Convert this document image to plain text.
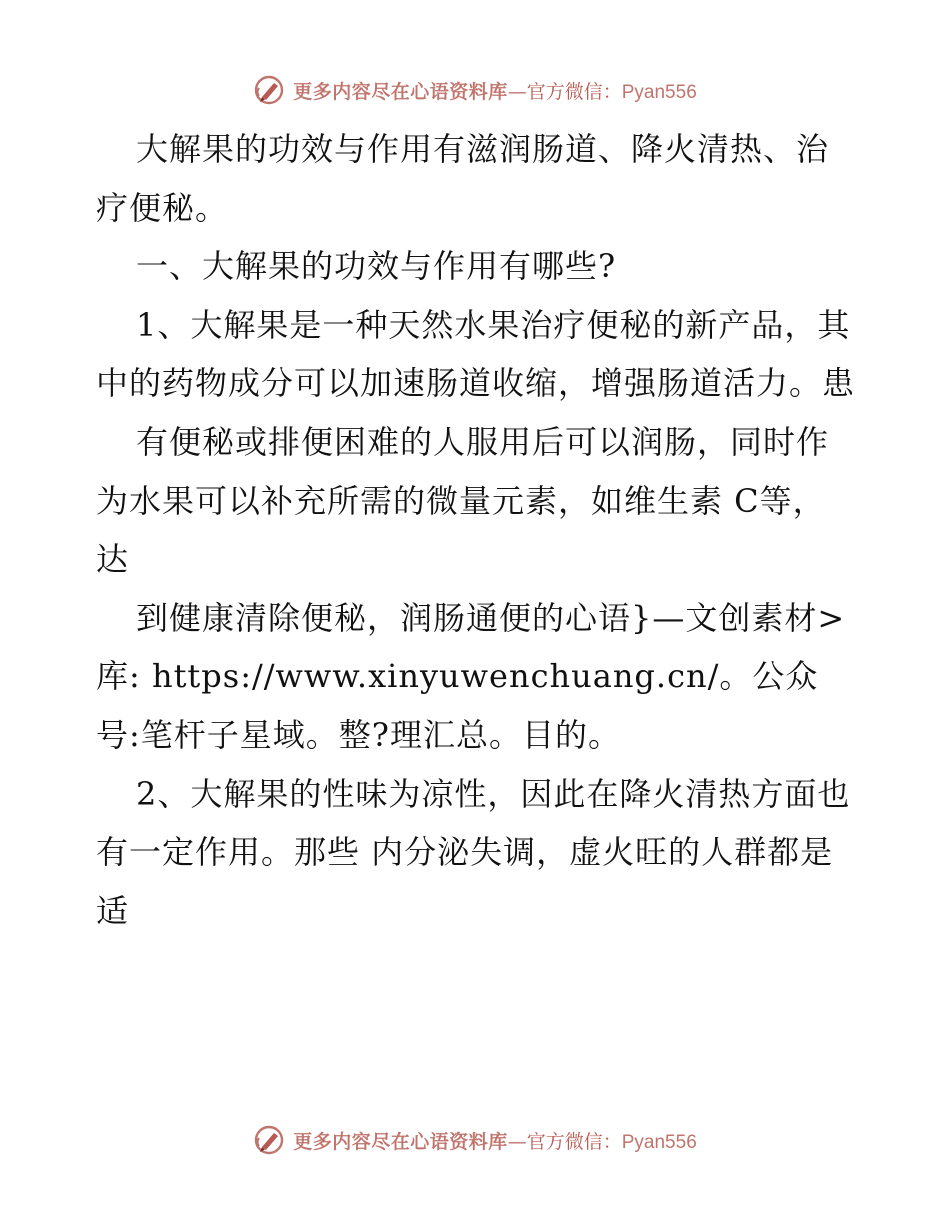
更多内容尽在心语资料库 — 官方微信： Pyan556

大解果的功效与作用有滋润肠道、降火清热、治疗便秘。

一、大解果的功效与作用有哪些?

1、大解果是一种天然水果治疗便秘的新产品，其中的药物成分可以加速肠道收缩，增强肠道活力。患

有便秘或排便困难的人服用后可以润肠，同时作为水果可以补充所需的微量元素，如维生素 C等，达

到健康清除便秘，润肠通便的心语}—文创素材>库: https://www.xinyuwenchuang.cn/。公众号:笔杆子星域。整?理汇总。目的。

2、大解果的性味为凉性，因此在降火清热方面也有一定作用。那些 内分泌失调，虚火旺的人群都是适

更多内容尽在心语资料库 — 官方微信： Pyan556
